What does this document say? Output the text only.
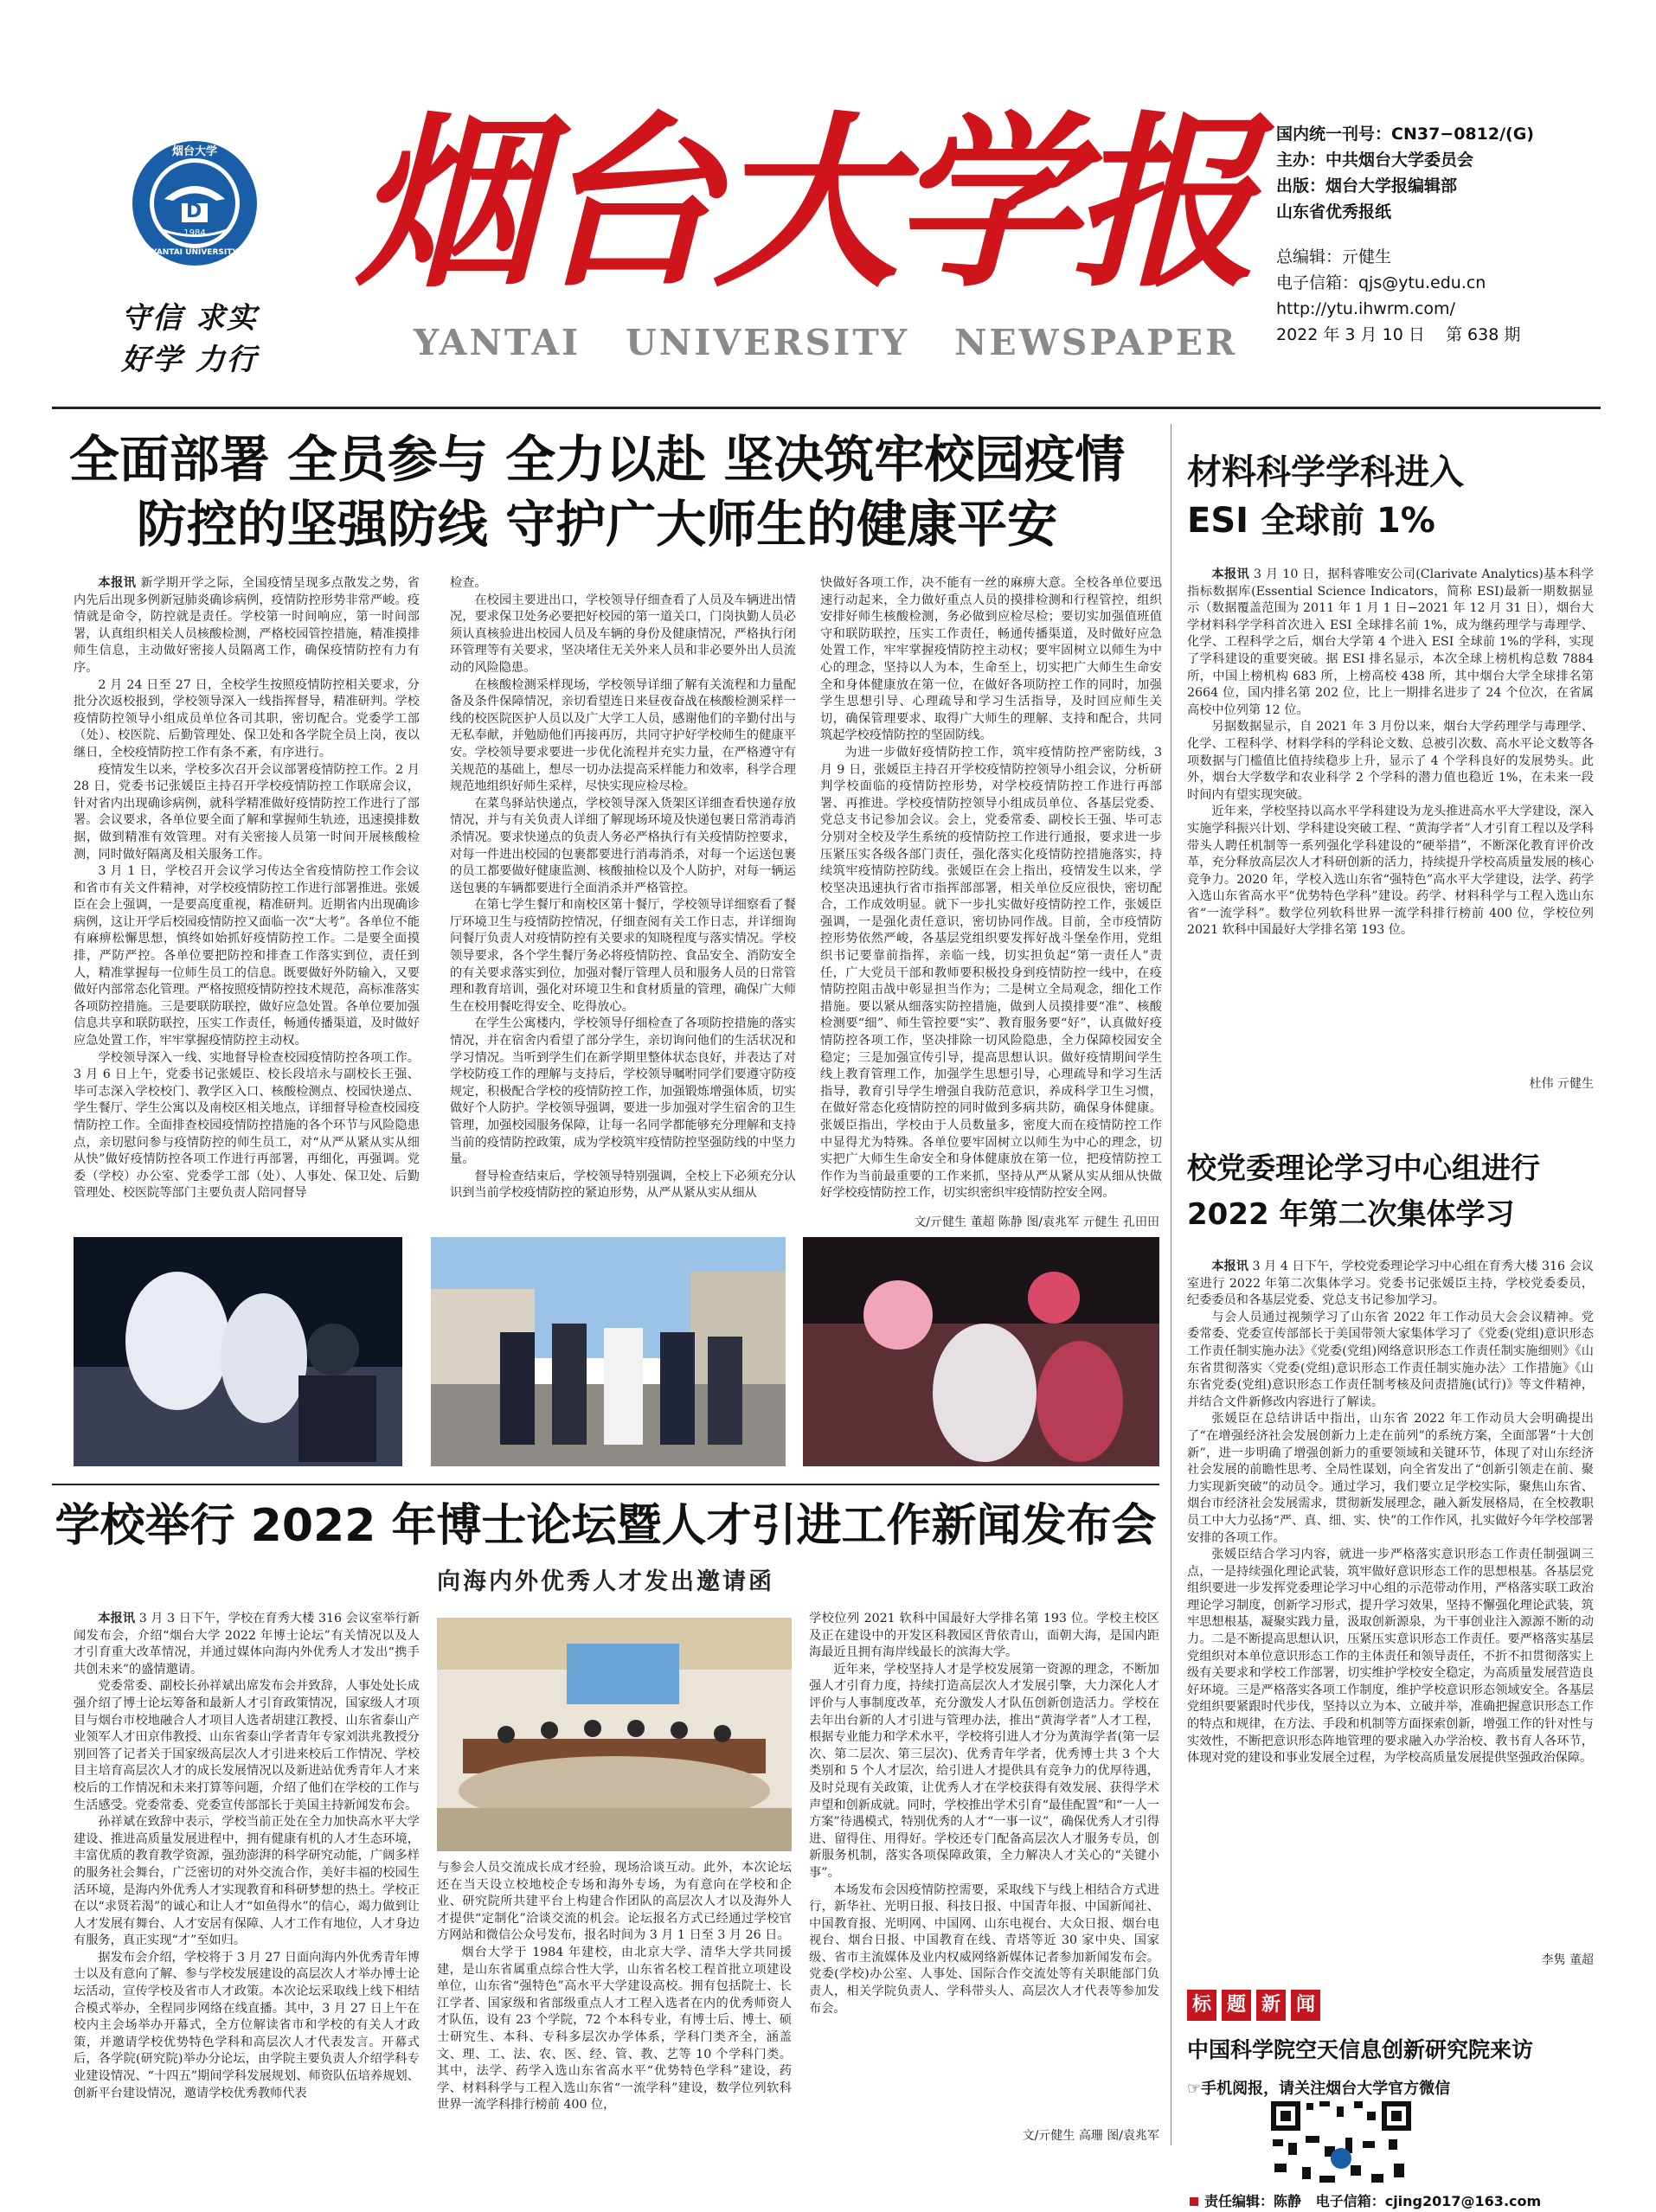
D
烟台大学
YANTAI UNIVERSITY
1984
守信 求实
好学 力行
烟台大学报
YANTAI   UNIVERSITY   NEWSPAPER
国内统一刊号：CN37−0812/(G)
主办：中共烟台大学委员会
出版：烟台大学报编辑部
山东省优秀报纸
总编辑：亓健生
电子信箱：qjs@ytu.edu.cn
http://ytu.ihwrm.com/
2022 年 3 月 10 日    第 638 期
全面部署 全员参与 全力以赴 坚决筑牢校园疫情
防控的坚强防线 守护广大师生的健康平安

本报讯 新学期开学之际，全国疫情呈现多点散发之势，省内先后出现多例新冠肺炎确诊病例，疫情防控形势非常严峻。疫情就是命令，防控就是责任。学校第一时间响应，第一时间部署，认真组织相关人员核酸检测，严格校园管控措施，精准摸排师生信息，主动做好密接人员隔离工作，确保疫情防控有力有序。

2 月 24 日至 27 日，全校学生按照疫情防控相关要求，分批分次返校报到，学校领导深入一线指挥督导，精准研判。学校疫情防控领导小组成员单位各司其职，密切配合。党委学工部（处）、校医院、后勤管理处、保卫处和各学院全员上岗，夜以继日，全校疫情防控工作有条不紊，有序进行。

疫情发生以来，学校多次召开会议部署疫情防控工作。2 月 28 日，党委书记张媛臣主持召开学校疫情防控工作联席会议，针对省内出现确诊病例，就科学精准做好疫情防控工作进行了部署。会议要求，各单位要全面了解和掌握师生轨迹，迅速摸排数据，做到精准有效管理。对有关密接人员第一时间开展核酸检测，同时做好隔离及相关服务工作。

3 月 1 日，学校召开会议学习传达全省疫情防控工作会议和省市有关文件精神，对学校疫情防控工作进行部署推进。张媛臣在会上强调，一是要高度重视，精准研判。近期省内出现确诊病例，这让开学后校园疫情防控又面临一次“大考”。各单位不能有麻痹松懈思想，慎终如始抓好疫情防控工作。二是要全面摸排，严防严控。各单位要把防控和排查工作落实到位，责任到人，精准掌握每一位师生员工的信息。既要做好外防输入，又要做好内部常态化管理。严格按照疫情防控技术规范，高标准落实各项防控措施。三是要联防联控，做好应急处置。各单位要加强信息共享和联防联控，压实工作责任，畅通传播渠道，及时做好应急处置工作，牢牢掌握疫情防控主动权。

学校领导深入一线、实地督导检查校园疫情防控各项工作。3 月 6 日上午，党委书记张媛臣、校长段培永与副校长王强、毕可志深入学校校门、教学区入口、核酸检测点、校园快递点、学生餐厅、学生公寓以及南校区相关地点，详细督导检查校园疫情防控工作。全面排查校园疫情防控措施的各个环节与风险隐患点，亲切慰问参与疫情防控的师生员工，对“从严从紧从实从细从快”做好疫情防控各项工作进行再部署，再细化，再强调。党委（学校）办公室、党委学工部（处）、人事处、保卫处、后勤管理处、校医院等部门主要负责人陪同督导

检查。

在校园主要进出口，学校领导仔细查看了人员及车辆进出情况，要求保卫处务必要把好校园的第一道关口，门岗执勤人员必须认真核验进出校园人员及车辆的身份及健康情况，严格执行闭环管理等有关要求，坚决堵住无关外来人员和非必要外出人员流动的风险隐患。

在核酸检测采样现场，学校领导详细了解有关流程和力量配备及条件保障情况，亲切看望连日来昼夜奋战在核酸检测采样一线的校医院医护人员以及广大学工人员，感谢他们的辛勤付出与无私奉献，并勉励他们再接再厉，共同守护好学校师生的健康平安。学校领导要求要进一步优化流程并充实力量，在严格遵守有关规范的基础上，想尽一切办法提高采样能力和效率，科学合理规范地组织好师生采样，尽快实现应检尽检。

在菜鸟驿站快递点，学校领导深入货架区详细查看快递存放情况，并与有关负责人详细了解现场环境及快递包裹日常消毒消杀情况。要求快递点的负责人务必严格执行有关疫情防控要求，对每一件进出校园的包裹都要进行消毒消杀，对每一个运送包裹的员工都要做好健康监测、核酸抽检以及个人防护，对每一辆运送包裹的车辆都要进行全面消杀并严格管控。

在第七学生餐厅和南校区第十餐厅，学校领导详细察看了餐厅环境卫生与疫情防控情况，仔细查阅有关工作日志，并详细询问餐厅负责人对疫情防控有关要求的知晓程度与落实情况。学校领导要求，各个学生餐厅务必将疫情防控、食品安全、消防安全的有关要求落实到位，加强对餐厅管理人员和服务人员的日常管理和教育培训，强化对环境卫生和食材质量的管理，确保广大师生在校用餐吃得安全、吃得放心。

在学生公寓楼内，学校领导仔细检查了各项防控措施的落实情况，并在宿舍内看望了部分学生，亲切询问他们的生活状况和学习情况。当听到学生们在新学期里整体状态良好，并表达了对学校防疫工作的理解与支持后，学校领导嘱咐同学们要遵守防疫规定，积极配合学校的疫情防控工作，加强锻炼增强体质，切实做好个人防护。学校领导强调，要进一步加强对学生宿舍的卫生管理，加强校园服务保障，让每一名同学都能够充分理解和支持当前的疫情防控政策，成为学校筑牢疫情防控坚强防线的中坚力量。

督导检查结束后，学校领导特别强调，全校上下必须充分认识到当前学校疫情防控的紧迫形势，从严从紧从实从细从

快做好各项工作，决不能有一丝的麻痹大意。全校各单位要迅速行动起来，全力做好重点人员的摸排检测和行程管控，组织安排好师生核酸检测，务必做到应检尽检；要切实加强值班值守和联防联控，压实工作责任，畅通传播渠道，及时做好应急处置工作，牢牢掌握疫情防控主动权；要牢固树立以师生为中心的理念，坚持以人为本，生命至上，切实把广大师生生命安全和身体健康放在第一位，在做好各项防控工作的同时，加强学生思想引导、心理疏导和学习生活指导，及时回应师生关切，确保管理要求、取得广大师生的理解、支持和配合，共同筑起学校疫情防控的坚固防线。

为进一步做好疫情防控工作，筑牢疫情防控严密防线，3 月 9 日，张媛臣主持召开学校疫情防控领导小组会议，分析研判学校面临的疫情防控形势，对学校疫情防控工作进行再部署、再推进。学校疫情防控领导小组成员单位、各基层党委、党总支书记参加会议。会上，党委常委、副校长王强、毕可志分别对全校及学生系统的疫情防控工作进行通报，要求进一步压紧压实各级各部门责任，强化落实化疫情防控措施落实，持续筑牢疫情防控防线。张媛臣在会上指出，疫情发生以来，学校坚决迅速执行省市指挥部部署，相关单位反应很快，密切配合，工作成效明显。就下一步扎实做好疫情防控工作，张媛臣强调，一是强化责任意识，密切协同作战。目前，全市疫情防控形势依然严峻，各基层党组织要发挥好战斗堡垒作用，党组织书记要靠前指挥，亲临一线，切实担负起“第一责任人”责任，广大党员干部和教师要积极投身到疫情防控一线中，在疫情防控阻击战中彰显担当作为；二是树立全局观念，细化工作措施。要以紧从细落实防控措施，做到人员摸排要“准”、核酸检测要“细”、师生管控要“实”、教育服务要“好”，认真做好疫情防控各项工作，坚决排除一切风险隐患，全力保障校园安全稳定；三是加强宣传引导，提高思想认识。做好疫情期间学生线上教育管理工作，加强学生思想引导，心理疏导和学习生活指导，教育引导学生增强自我防范意识，养成科学卫生习惯，在做好常态化疫情防控的同时做到多病共防，确保身体健康。张媛臣指出，学校由于人员数量多，密度大而在疫情防控工作中显得尤为特殊。各单位要牢固树立以师生为中心的理念，切实把广大师生生命安全和身体健康放在第一位，把疫情防控工作作为当前最重要的工作来抓，坚持从严从紧从实从细从快做好学校疫情防控工作，切实织密织牢疫情防控安全网。

文/亓健生 董超 陈静 图/袁兆军 亓健生 孔田田
材料科学学科进入
ESI 全球前 1%

本报讯 3 月 10 日，据科睿唯安公司(Clarivate Analytics)基本科学指标数据库(Essential Science Indicators，简称 ESI)最新一期数据显示（数据覆盖范围为 2011 年 1 月 1 日−2021 年 12 月 31 日），烟台大学材料科学学科首次进入 ESI 全球排名前 1%，成为继药理学与毒理学、化学、工程科学之后，烟台大学第 4 个进入 ESI 全球前 1%的学科，实现了学科建设的重要突破。据 ESI 排名显示，本次全球上榜机构总数 7884 所，中国上榜机构 683 所，上榜高校 438 所，其中烟台大学全球排名第 2664 位，国内排名第 202 位，比上一期排名进步了 24 个位次，在省属高校中位列第 12 位。

另据数据显示，自 2021 年 3 月份以来，烟台大学药理学与毒理学、化学、工程科学、材料学科的学科论文数、总被引次数、高水平论文数等各项数据与门槛值比值持续稳步上升，显示了 4 个学科良好的发展势头。此外，烟台大学数学和农业科学 2 个学科的潜力值也稳近 1%，在未来一段时间内有望实现突破。

近年来，学校坚持以高水平学科建设为龙头推进高水平大学建设，深入实施学科振兴计划、学科建设突破工程、“黄海学者”人才引育工程以及学科带头人聘任机制等一系列强化学科建设的“硬举措”，不断深化教育评价改革，充分释放高层次人才科研创新的活力，持续提升学校高质量发展的核心竞争力。2020 年，学校入选山东省“强特色”高水平大学建设，法学、药学入选山东省高水平“优势特色学科”建设。药学、材料科学与工程入选山东省“一流学科”。数学位列软科世界一流学科排行榜前 400 位，学校位列 2021 软科中国最好大学排名第 193 位。

杜伟 亓健生
校党委理论学习中心组进行
2022 年第二次集体学习

本报讯 3 月 4 日下午，学校党委理论学习中心组在育秀大楼 316 会议室进行 2022 年第二次集体学习。党委书记张媛臣主持，学校党委委员，纪委委员和各基层党委、党总支书记参加学习。

与会人员通过视频学习了山东省 2022 年工作动员大会会议精神。党委常委、党委宣传部部长于美国带领大家集体学习了《党委(党组)意识形态工作责任制实施办法》《党委(党组)网络意识形态工作责任制实施细则》《山东省贯彻落实〈党委(党组)意识形态工作责任制实施办法〉工作措施》《山东省党委(党组)意识形态工作责任制考核及问责措施(试行)》等文件精神，并结合文件新修改内容进行了解读。

张媛臣在总结讲话中指出，山东省 2022 年工作动员大会明确提出了“在增强经济社会发展创新力上走在前列”的系统方案，全面部署“十大创新”，进一步明确了增强创新力的重要领域和关键环节，体现了对山东经济社会发展的前瞻性思考、全局性谋划，向全省发出了“创新引领走在前、聚力实现新突破”的动员令。通过学习，我们要立足学校实际，聚焦山东省、烟台市经济社会发展需求，贯彻新发展理念，融入新发展格局，在全校教职员工中大力弘扬“严、真、细、实、快”的工作作风，扎实做好今年学校部署安排的各项工作。

张媛臣结合学习内容，就进一步严格落实意识形态工作责任制强调三点，一是持续强化理论武装，筑牢做好意识形态工作的思想根基。各基层党组织要进一步发挥党委理论学习中心组的示范带动作用，严格落实联工政治理论学习制度，创新学习形式，提升学习效果，坚持不懈强化理论武装，筑牢思想根基，凝聚实践力量，汲取创新源泉，为干事创业注入源源不断的动力。二是不断提高思想认识，压紧压实意识形态工作责任。要严格落实基层党组织对本单位意识形态工作的主体责任和领导责任，不折不扣贯彻落实上级有关要求和学校工作部署，切实维护学校安全稳定，为高质量发展营造良好环境。三是严格落实各项工作制度，维护学校意识形态领域安全。各基层党组织要紧跟时代步伐，坚持以立为本、立破并举，准确把握意识形态工作的特点和规律，在方法、手段和机制等方面探索创新，增强工作的针对性与实效性，不断把意识形态阵地管理的要求融入办学治校、教书育人各环节，体现对党的建设和事业发展全过程，为学校高质量发展提供坚强政治保障。

李隽 董超
标 题 新 闻
中国科学院空天信息创新研究院来访
☞手机阅报，请关注烟台大学官方微信
学校举行 2022 年博士论坛暨人才引进工作新闻发布会
向海内外优秀人才发出邀请函

本报讯 3 月 3 日下午，学校在育秀大楼 316 会议室举行新闻发布会，介绍“烟台大学 2022 年博士论坛”有关情况以及人才引育重大改革情况，并通过媒体向海内外优秀人才发出“携手共创未来”的盛情邀请。

党委常委、副校长孙祥斌出席发布会并致辞，人事处处长成强介绍了博士论坛筹备和最新人才引育政策情况，国家级人才项目与烟台市校地融合人才项目人选者胡建江教授、山东省泰山产业领军人才田京伟教授、山东省泰山学者青年专家刘洪兆教授分别回答了记者关于国家级高层次人才引进来校后工作情况、学校目主培育高层次人才的成长发展情况以及新进站优秀青年人才来校后的工作情况和未来打算等问题，介绍了他们在学校的工作与生活感受。党委常委、党委宣传部部长于美国主持新闻发布会。

孙祥斌在致辞中表示，学校当前正处在全力加快高水平大学建设、推进高质量发展进程中，拥有健康有机的人才生态环境，丰富优质的教育教学资源，强劲澎湃的科学研究动能，广阔多样的服务社会舞台，广泛密切的对外交流合作，美好丰福的校园生活环境，是海内外优秀人才实现教育和科研梦想的热土。学校正在以“求贤若渴”的诚心和让人才“如鱼得水”的信心，竭力做到让人才发展有舞台、人才安居有保障、人才工作有地位，人才身边有服务，真正实现“才”至如归。

据发布会介绍，学校将于 3 月 27 日面向海内外优秀青年博士以及有意向了解、参与学校发展建设的高层次人才举办博士论坛活动，宣传学校及省市人才政策。本次论坛采取线上线下相结合模式举办，全程同步网络在线直播。其中，3 月 27 日上午在校内主会场举办开幕式，全方位解读省市和学校的有关人才政策，并邀请学校优势特色学科和高层次人才代表发言。开幕式后，各学院(研究院)举办分论坛，由学院主要负责人介绍学科专业建设情况、“十四五”期间学科发展规划、师资队伍培养规划、创新平台建设情况，邀请学校优秀教师代表

与参会人员交流成长成才经验，现场洽谈互动。此外，本次论坛还在当天设立校地校企专场和海外专场，为有意向在学校和企业、研究院所共建平台上构建合作团队的高层次人才以及海外人才提供“定制化”洽谈交流的机会。论坛报名方式已经通过学校官方网站和微信公众号发布，报名时间为 3 月 1 日至 3 月 26 日。

烟台大学于 1984 年建校，由北京大学、清华大学共同援建，是山东省属重点综合性大学，山东省名校工程首批立项建设单位，山东省“强特色”高水平大学建设高校。拥有包括院士、长江学者、国家级和省部级重点人才工程入选者在内的优秀师资人才队伍，设有 23 个学院，72 个本科专业，有博士后、博士、硕士研究生、本科、专科多层次办学体系，学科门类齐全，涵盖文、理、工、法、农、医、经、管、教、艺等 10 个学科门类。其中，法学、药学入选山东省高水平“优势特色学科”建设，药学、材料科学与工程入选山东省“一流学科”建设，数学位列软科世界一流学科排行榜前 400 位，

学校位列 2021 软科中国最好大学排名第 193 位。学校主校区及正在建设中的开发区科教园区背依青山，面朝大海，是国内距海最近且拥有海岸线最长的滨海大学。

近年来，学校坚持人才是学校发展第一资源的理念，不断加强人才引育力度，持续打造高层次人才发展引擎，大力深化人才评价与人事制度改革，充分激发人才队伍创新创造活力。学校在去年出台新的人才引进与管理办法，推出“黄海学者”人才工程，根据专业能力和学术水平，学校将引进人才分为黄海学者(第一层次、第二层次、第三层次)、优秀青年学者，优秀博士共 3 个大类别和 5 个人才层次，给引进人才提供具有竞争力的优厚待遇，及时兑现有关政策，让优秀人才在学校获得有效发展、获得学术声望和创新成就。同时，学校推出学术引育“最佳配置”和“一人一方案”待遇模式，特别优秀的人才“一事一议”，确保优秀人才引得进、留得住、用得好。学校还专门配备高层次人才服务专员，创新服务机制，落实各项保障政策，全力解决人才关心的“关键小事”。

本场发布会因疫情防控需要，采取线下与线上相结合方式进行，新华社、光明日报、科技日报、中国青年报、中国新闻社、中国教育报、光明网、中国网、山东电视台、大众日报、烟台电视台、烟台日报、中国教育在线、青塔等近 30 家中央、国家级、省市主流媒体及业内权威网络新媒体记者参加新闻发布会。党委(学校)办公室、人事处、国际合作交流处等有关职能部门负责人，相关学院负责人、学科带头人、高层次人才代表等参加发布会。

文/亓健生 高珊 图/袁兆军
责任编辑：陈静   电子信箱：cjing2017@163.com
